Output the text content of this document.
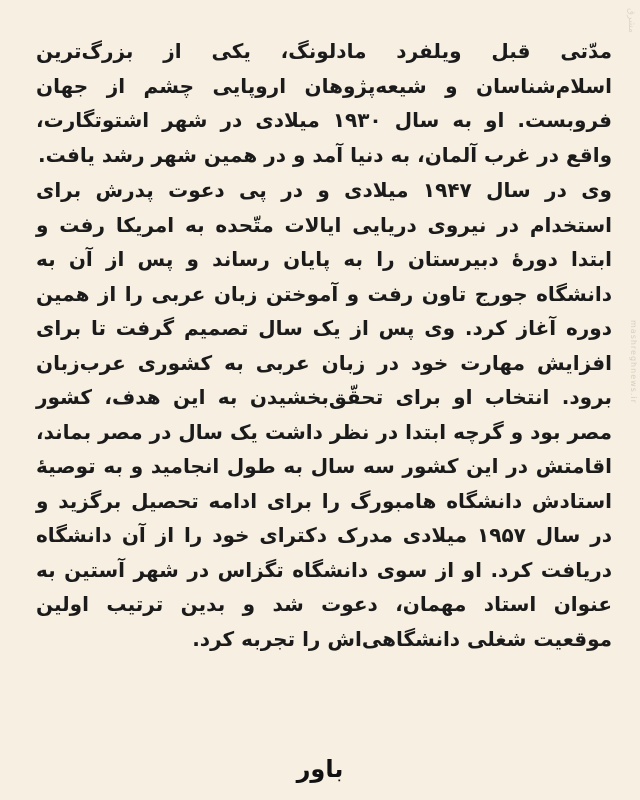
مشرق
mashreghnews.ir

مدّتی قبل ویلفرد مادلونگ، یکی از بزرگ‌ترین اسلام‌شناسان و شیعه‌پژوهان اروپایی چشم از جهان فروبست. او به سال ۱۹۳۰ میلادی در شهر اشتوتگارت، واقع در غرب آلمان، به دنیا آمد و در همین شهر رشد یافت.

وی در سال ۱۹۴۷ میلادی و در پی دعوت پدرش برای استخدام در نیروی دریایی ایالات متّحده به امریکا رفت و ابتدا دورهٔ دبیرستان را به پایان رساند و پس از آن به دانشگاه جورج تاون رفت و آموختن زبان عربی را از همین دوره آغاز کرد. وی پس از یک سال تصمیم گرفت تا برای افزایش مهارت خود در زبان عربی به کشوری عرب‌زبان برود. انتخاب او برای تحقّق‌بخشیدن به این هدف، کشور مصر بود و گرچه ابتدا در نظر داشت یک سال در مصر بماند، اقامتش در این کشور سه سال به طول انجامید و به توصیهٔ استادش دانشگاه هامبورگ را برای ادامه تحصیل برگزید و در سال ۱۹۵۷ میلادی مدرک دکترای خود را از آن دانشگاه دریافت کرد. او از سوی دانشگاه تگزاس در شهر آستین به عنوان استاد مهمان، دعوت شد و بدین ترتیب اولین موقعیت شغلی دانشگاهی‌اش را تجربه کرد.

باور
